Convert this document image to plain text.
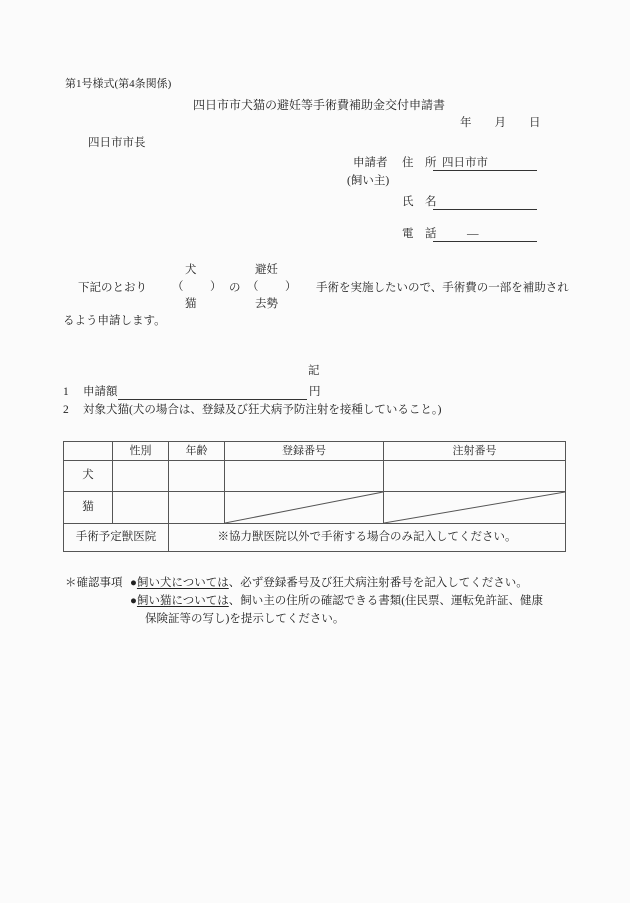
第1号様式(第4条関係)
四日市市犬猫の避妊等手術費補助金交付申請書
年　　月　　日
四日市市長
申請者
(飼い主)
住　所 四日市市
氏　名
電　話	—
犬	避妊
下記のとおり （ ） の （ ） 手術を実施したいので、手術費の一部を補助され
猫	去勢
るよう申請します。
記
1 申請額	円
2 対象犬猫(犬の場合は、登録及び狂犬病予防注射を接種していること。)
	性別	年齢	登録番号	注射番号
犬				
猫			

手術予定獣医院		※協力獣医院以外で手術する場合のみ記入してください。		
＊確認事項 ●飼い犬については、必ず登録番号及び狂犬病注射番号を記入してください。
●飼い猫については、飼い主の住所の確認できる書類(住民票、運転免許証、健康
保険証等の写し)を提示してください。
